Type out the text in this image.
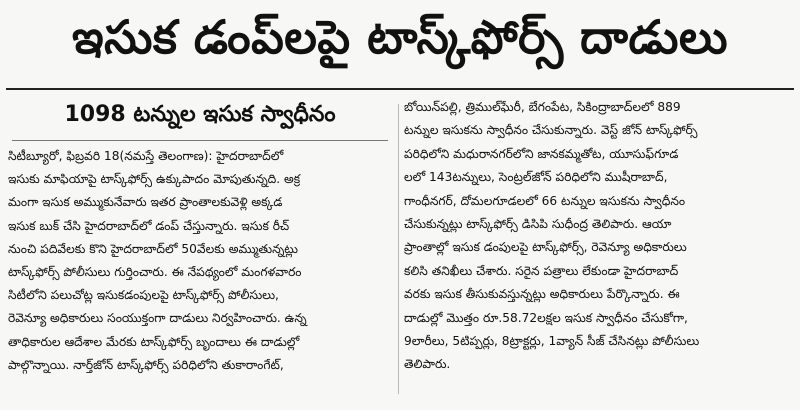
ఇసుక డంప్‌లపై టాస్క్‌ఫోర్స్ దాడులు
1098 టన్నుల ఇసుక స్వాధీనం
సిటీబ్యూరో, ఫిబ్రవరి 18(నమస్తే తెలంగాణ): హైదరాబాద్‌లో
ఇసుకు మాఫియాపై టాస్క్‌ఫోర్స్ ఉక్కుపాదం మోపుతున్నది. అక్ర
మంగా ఇసుక అమ్ముకునేవారు ఇతర ప్రాంతాలకువెళ్లి అక్కడ
ఇసుక బుక్ చేసి హైదరాబాద్‌లో డంప్ చేస్తున్నారు. ఇసుక రీచ్
నుంచి పదివేలకు కొని హైదరాబాద్‌లో 50వేలకు అమ్ముతున్నట్లు
టాస్క్‌ఫోర్స్ పోలీసులు గుర్తించారు. ఈ నేపథ్యంలో మంగళవారం
సిటీలోని పలుచోట్ల ఇసుకడంపులపై టాస్క్‌ఫోర్స్ పోలీసులు,
రెవెన్యూ అధికారులు సంయుక్తంగా దాడులు నిర్వహించారు. ఉన్న
తాధికారుల ఆదేశాల మేరకు టాస్క్‌ఫోర్స్ బృందాలు ఈ దాడుల్లో
పాల్గొన్నాయి. నార్త్‌జోన్ టాస్క్‌ఫోర్స్ పరిధిలోని తుకారాంగేట్,
బోయిన్‌పల్లి, త్రిముల్‌ఘేరీ, బేగంపేట, సికింద్రాబాద్‌లలో 889
టన్నుల ఇసుకను స్వాధీనం చేసుకున్నారు. వెస్ట్ జోన్ టాస్క్‌ఫోర్స్
పరిధిలోని మధురానగర్‌లోని జానకమ్మతోట, యూసుఫ్‌గూడ
లలో 143టన్నులు, సెంట్రల్‌జోన్ పరిధిలోని ముషీరాబాద్,
గాంధీనగర్, దోమలగూడలలో 66 టన్నుల ఇసుకను స్వాధీనం
చేసుకున్నట్లు టాస్క్‌ఫోర్స్ డిసిపి సుధీంద్ర తెలిపారు. ఆయా
ప్రాంతాల్లో ఇసుక డంపులపై టాస్క్‌ఫోర్స్, రెవెన్యూ అధికారులు
కలిసి తనిఖీలు చేశారు. సరైన పత్రాలు లేకుండా హైదరాబాద్
వరకు ఇసుక తీసుకువస్తున్నట్లు అధికారులు పేర్కొన్నారు. ఈ
దాడుల్లో మొత్తం రూ.58.72లక్షల ఇసుక స్వాధీనం చేసుకోగా,
9లారీలు, 5టిప్పర్లు, 8ట్రాక్టర్లు, 1వ్యాన్ సీజ్ చేసినట్లు పోలీసులు
తెలిపారు.
